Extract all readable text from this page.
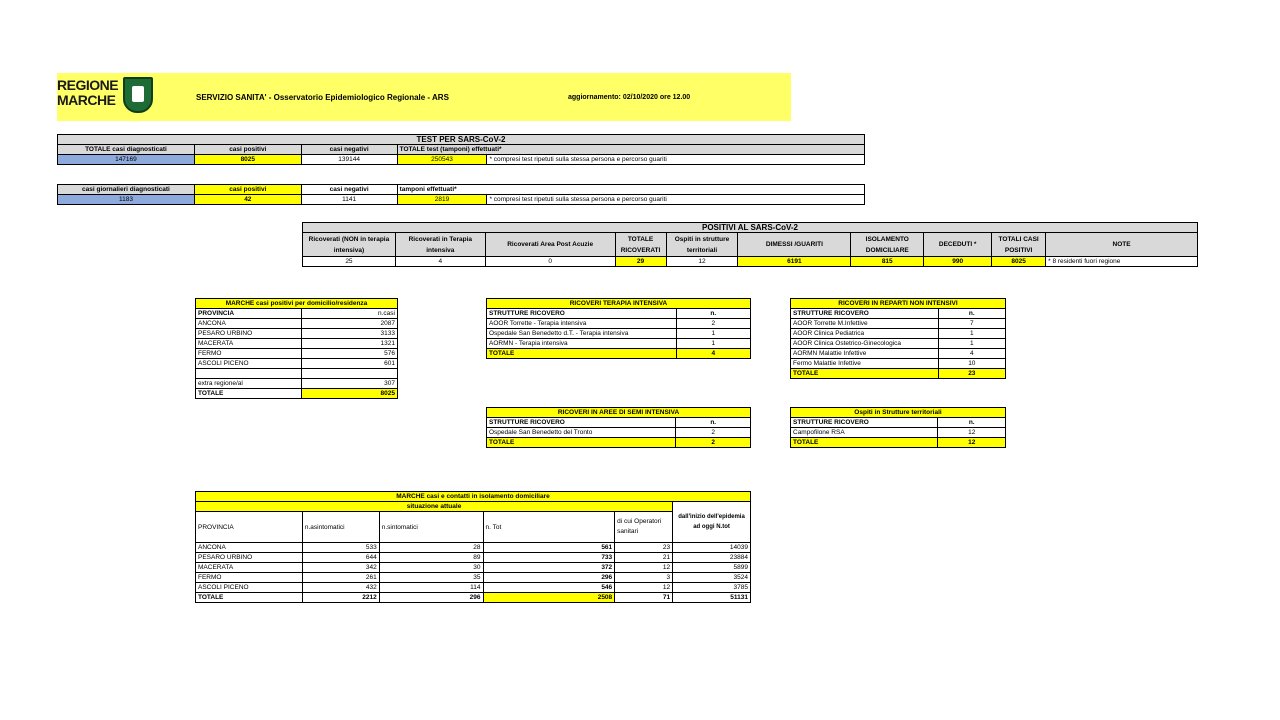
REGIONE
MARCHE	SERVIZIO SANITA' - Osservatorio Epidemiologico Regionale - ARS	aggiornamento: 02/10/2020 ore 12.00
TEST PER SARS-CoV-2				
TOTALE casi diagnosticati	casi positivi	casi negativi	TOTALE test (tamponi) effettuati*	
147169	8025	139144	250543	* compresi test ripetuti sulla stessa persona e percorso guariti
casi giornalieri diagnosticati	casi positivi	casi negativi	tamponi effettuati*	
1183	42	1141	2819	* compresi test ripetuti sulla stessa persona e percorso guariti
POSITIVI AL SARS-CoV-2									
Ricoverati (NON in terapia intensiva)	Ricoverati in Terapia intensiva	Ricoverati Area Post Acuzie	TOTALE RICOVERATI	Ospiti in strutture territoriali	DIMESSI /GUARITI	ISOLAMENTO DOMICILIARE	DECEDUTI *	TOTALI CASI POSITIVI	NOTE
25	4	0	29	12	6191	815	990	8025	* 8 residenti fuori regione
MARCHE casi positivi per domicilio/residenza	
PROVINCIA	n.casi
ANCONA	2087
PESARO URBINO	3133
MACERATA	1321
FERMO	576
ASCOLI PICENO	601

extra regione/al	307
TOTALE	8025
RICOVERI TERAPIA INTENSIVA	
STRUTTURE RICOVERO	n.
AOOR Torrette - Terapia intensiva	2
Ospedale San Benedetto d.T. - Terapia intensiva	1
AORMN - Terapia intensiva	1
TOTALE	4
RICOVERI IN REPARTI NON INTENSIVI	
STRUTTURE RICOVERO	n.
AOOR Torrette M.Infettive	7
AOOR Clinica Pediatrica	1
AOOR Clinica Ostetrico-Ginecologica	1
AORMN Malattie Infettive	4
Fermo Malattie Infettive	10
TOTALE	23
RICOVERI IN AREE DI SEMI INTENSIVA	
STRUTTURE RICOVERO	n.
Ospedale San Benedetto del Tronto	2
TOTALE	2
Ospiti in Strutture territoriali	
STRUTTURE RICOVERO	n.
Campofilone RSA	12
TOTALE	12
MARCHE casi e contatti in isolamento domiciliare					
situazione attuale					dall'inizio dell'epidemia ad oggi N.tot
PROVINCIA	n.asintomatici	n.sintomatici	n. Tot	di cui Operatori sanitari	
ANCONA	533	28	561	23	14039
PESARO URBINO	644	89	733	21	23884
MACERATA	342	30	372	12	5899
FERMO	261	35	296	3	3524
ASCOLI PICENO	432	114	546	12	3785
TOTALE	2212	296	2508	71	51131
